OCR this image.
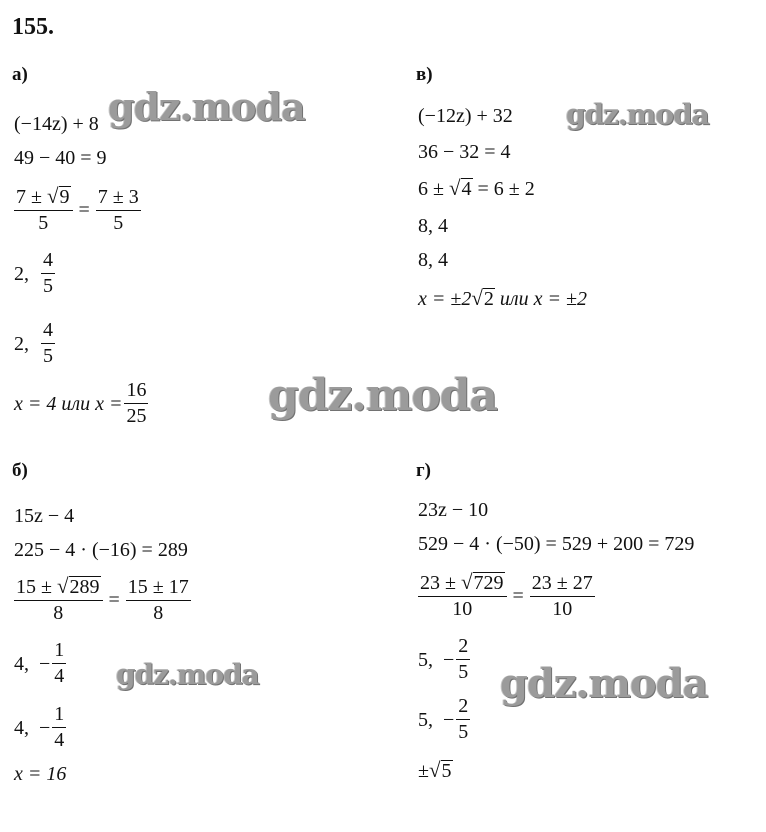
155.
gdz.moda	gdz.moda
gdz.moda
gdz.moda	gdz.moda
а)
(−14z) + 8
49 − 40 = 9
$\frac{7 \pm √ 9}{5} = \frac{7 \pm 3}{5}$
2, $\frac{4}{5}$
2, $\frac{4}{5}$
x = 4
или
$x = \frac{16}{25}$
в)
(−12z) + 32
36 − 32 = 4
6 ±
√ 4
= 6 ± 2
8, 4
8, 4
x = ±2 √ 2
или
x = ±2
б)
15z − 4
225 − 4 · (−16) = 289
$\frac{15 \pm √ 289}{8} = \frac{15 \pm 17}{8}$
4, − $\frac{1}{4}$
4, − $\frac{1}{4}$
x = 16
г)
23z − 10
529 − 4 · (−50) = 529 + 200 = 729
$\frac{23 \pm √ 729}{10} = \frac{23 \pm 27}{10}$
5, − $\frac{2}{5}$
5, − $\frac{2}{5}$
± √ 5
